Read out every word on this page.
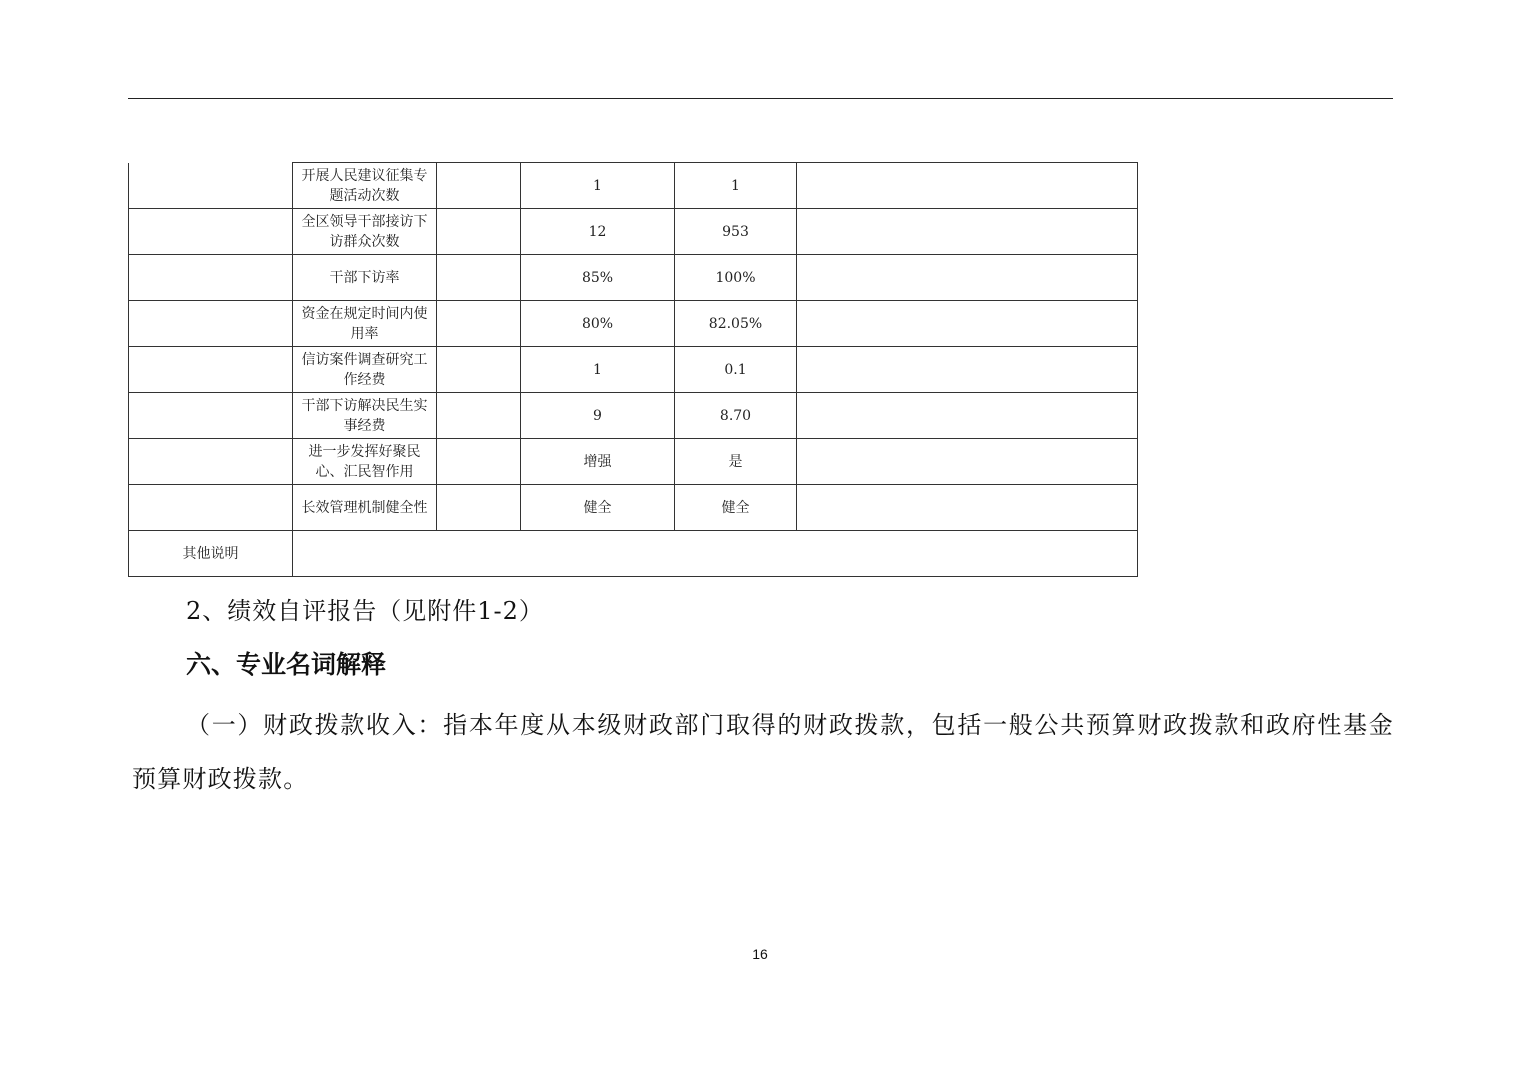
	开展人民建议征集专题活动次数		1	1	
	全区领导干部接访下访群众次数		12	953	
	干部下访率		85%	100%	
	资金在规定时间内使用率		80%	82.05%	
	信访案件调查研究工作经费		1	0.1	
	干部下访解决民生实事经费		9	8.70	
	进一步发挥好聚民心、汇民智作用		增强	是	
	长效管理机制健全性		健全	健全	
其他说明					
2、绩效自评报告（见附件1-2）
六、专业名词解释
（一）财政拨款收入：指本年度从本级财政部门取得的财政拨款，包括一般公共预算财政拨款和政府性基金预算财政拨款。
16
